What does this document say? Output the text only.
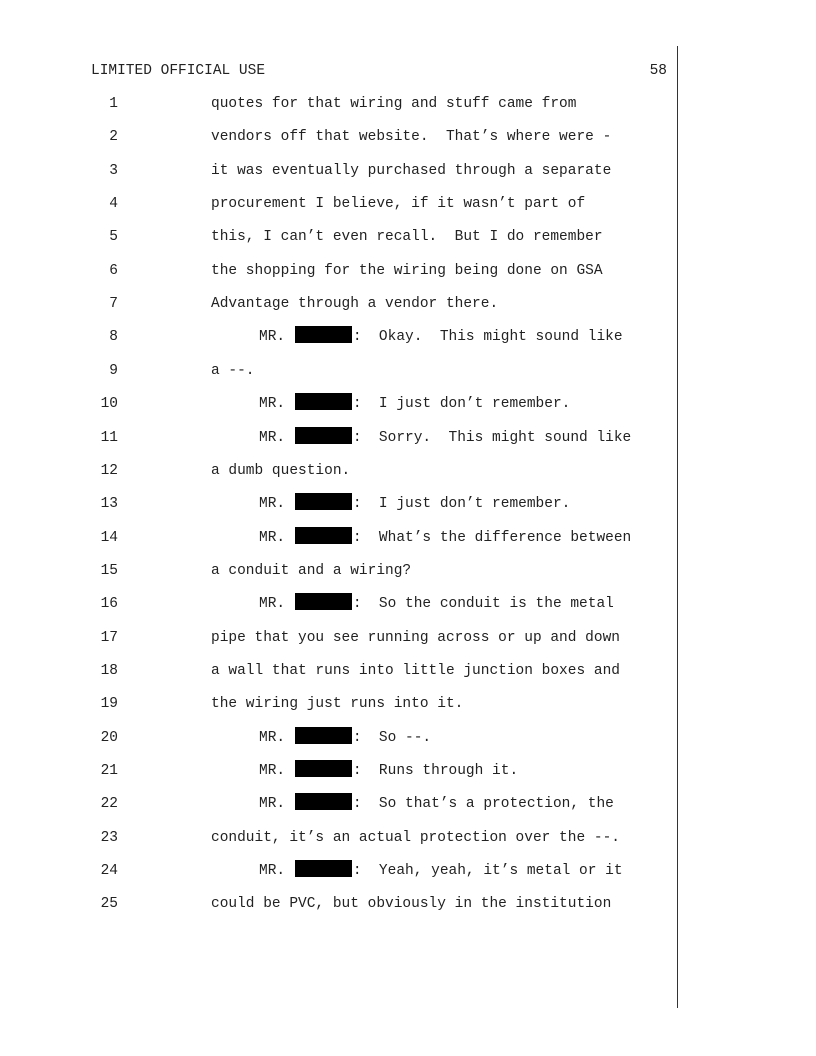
LIMITED OFFICIAL USE	58
1	quotes for that wiring and stuff came from
2	vendors off that website.  That’s where were -
3	it was eventually purchased through a separate
4	procurement I believe, if it wasn’t part of
5	this, I can’t even recall.  But I do remember
6	the shopping for the wiring being done on GSA
7	Advantage through a vendor there.
8	MR.	:  Okay.  This might sound like
9	a --.
10	MR.	:  I just don’t remember.
11	MR.	:  Sorry.  This might sound like
12	a dumb question.
13	MR.	:  I just don’t remember.
14	MR.	:  What’s the difference between
15	a conduit and a wiring?
16	MR.	:  So the conduit is the metal
17	pipe that you see running across or up and down
18	a wall that runs into little junction boxes and
19	the wiring just runs into it.
20	MR.	:  So --.
21	MR.	:  Runs through it.
22	MR.	:  So that’s a protection, the
23	conduit, it’s an actual protection over the --.
24	MR.	:  Yeah, yeah, it’s metal or it
25	could be PVC, but obviously in the institution
